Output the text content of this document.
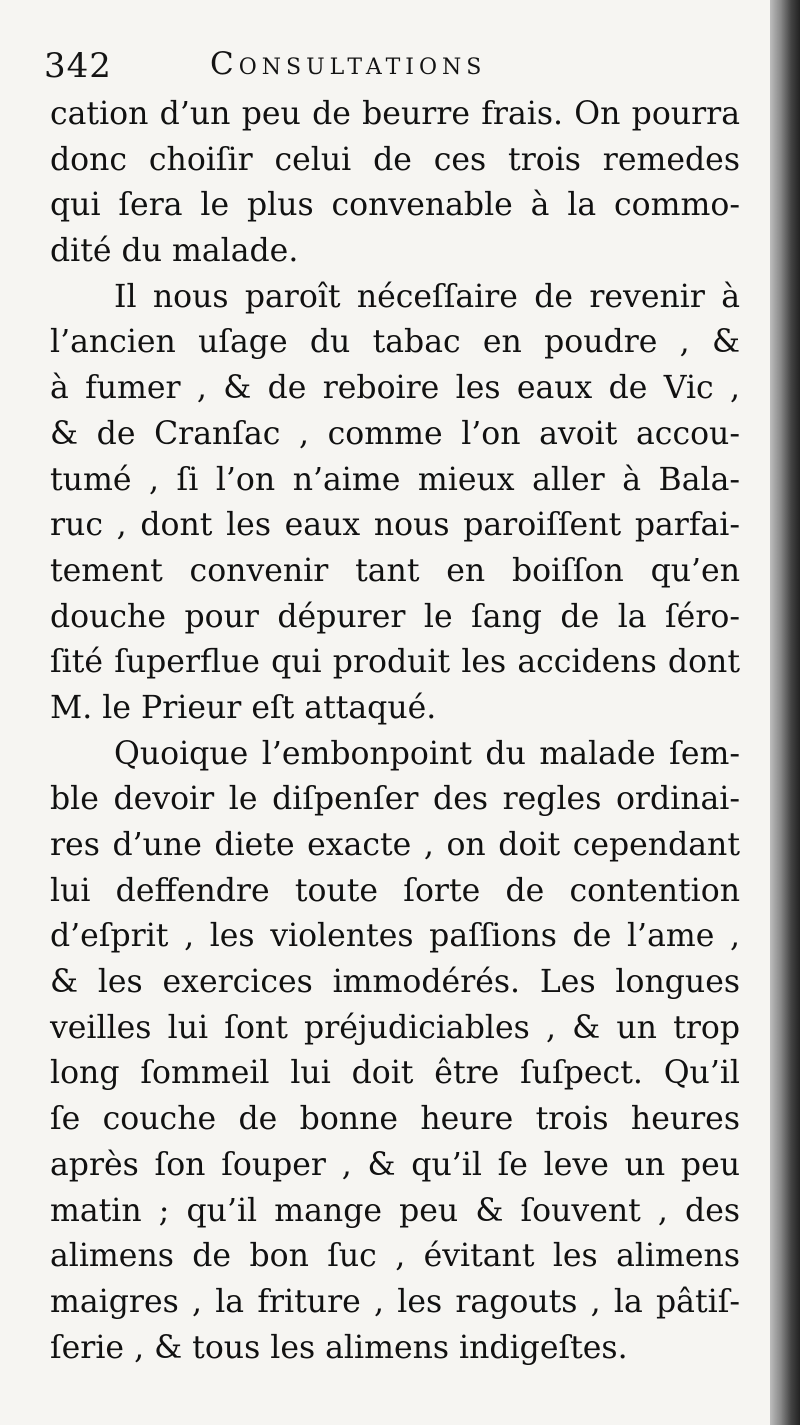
342	Consultations
cation d’un peu de beurre frais. On pourra
donc choiſir celui de ces trois remedes
qui ſera le plus convenable à la commo-
dité du malade.
Il nous paroît néceſſaire de revenir à
l’ancien uſage du tabac en poudre , &
à fumer , & de reboire les eaux de Vic ,
& de Cranſac , comme l’on avoit accou-
tumé , ſi l’on n’aime mieux aller à Bala-
ruc , dont les eaux nous paroiſſent parfai-
tement convenir tant en boiſſon qu’en
douche pour dépurer le ſang de la ſéro-
ſité ſuperflue qui produit les accidens dont
M. le Prieur eſt attaqué.
Quoique l’embonpoint du malade ſem-
ble devoir le diſpenſer des regles ordinai-
res d’une diete exacte , on doit cependant
lui deffendre toute ſorte de contention
d’eſprit , les violentes paſſions de l’ame ,
& les exercices immodérés. Les longues
veilles lui ſont préjudiciables , & un trop
long ſommeil lui doit être ſuſpect. Qu’il
ſe couche de bonne heure trois heures
après ſon ſouper , & qu’il ſe leve un peu
matin ; qu’il mange peu & ſouvent , des
alimens de bon ſuc , évitant les alimens
maigres , la friture , les ragouts , la pâtiſ-
ſerie , & tous les alimens indigeſtes.
